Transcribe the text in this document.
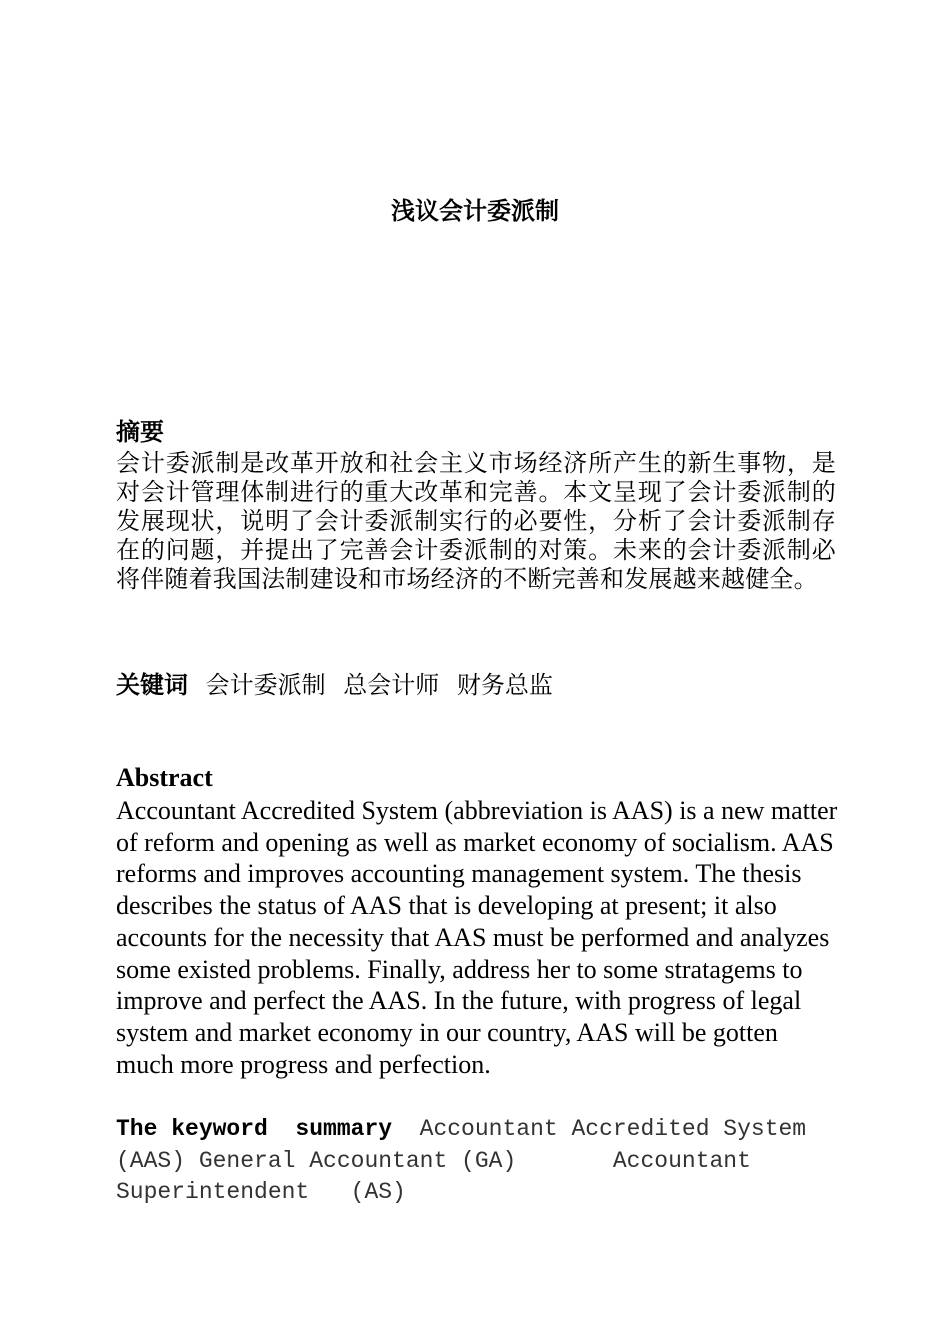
浅议会计委派制
摘要

会计委派制是改革开放和社会主义市场经济所产生的新生事物，是对会计管理体制进行的重大改革和完善。本文呈现了会计委派制的发展现状，说明了会计委派制实行的必要性，分析了会计委派制存在的问题，并提出了完善会计委派制的对策。未来的会计委派制必将伴随着我国法制建设和市场经济的不断完善和发展越来越健全。

关键词 会计委派制 总会计师 财务总监

Abstract

Accountant Accredited System (abbreviation is AAS) is a new matter of reform and opening as well as market economy of socialism. AAS reforms and improves accounting management system. The thesis describes the status of AAS that is developing at present; it also accounts for the necessity that AAS must be performed and analyzes some existed problems. Finally, address her to some stratagems to improve and perfect the AAS. In the future, with progress of legal system and market economy in our country, AAS will be gotten much more progress and perfection.

The keyword  summary  Accountant Accredited System (AAS) General Accountant (GA)       Accountant Superintendent   (AS)
